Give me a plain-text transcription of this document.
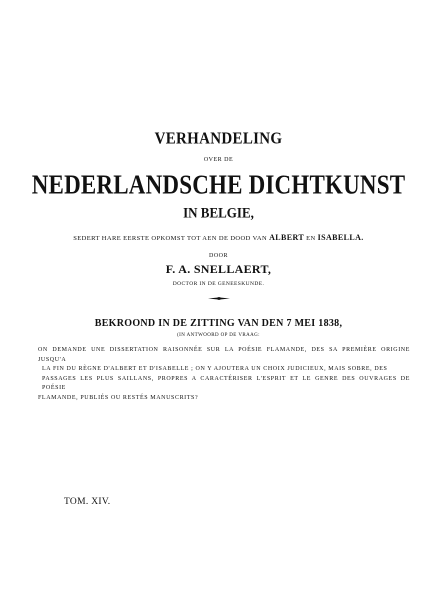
VERHANDELING
OVER DE
NEDERLANDSCHE DICHTKUNST
IN BELGIE,
SEDERT HARE EERSTE OPKOMST TOT AEN DE DOOD VAN ALBERT EN ISABELLA.
DOOR
F. A. SNELLAERT,
DOCTOR IN DE GENEESKUNDE.
BEKROOND IN DE ZITTING VAN DEN 7 MEI 1838,
(IN ANTWOORD OP DE VRAAG:
ON DEMANDE UNE DISSERTATION RAISONNÉE SUR LA POÉSIE FLAMANDE, DES SA PREMIÈRE ORIGINE JUSQU'A
LA FIN DU RÈGNE D'ALBERT ET D'ISABELLE ; ON Y AJOUTERA UN CHOIX JUDICIEUX, MAIS SOBRE, DES
PASSAGES LES PLUS SAILLANS, PROPRES A CARACTÉRISER L'ESPRIT ET LE GENRE DES OUVRAGES DE POÉSIE
FLAMANDE, PUBLIÉS OU RESTÉS MANUSCRITS?
TOM. XIV.
